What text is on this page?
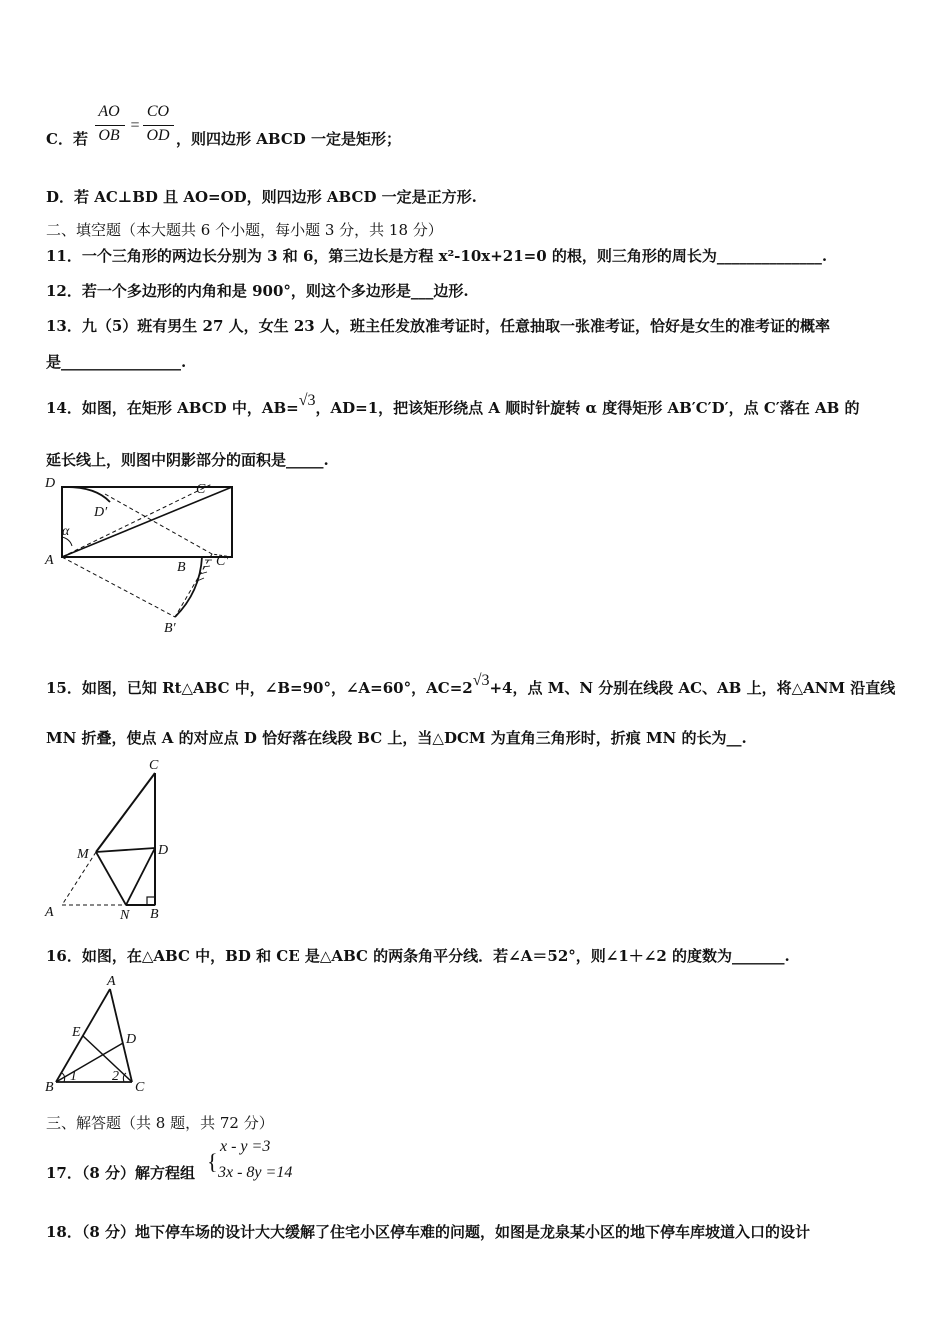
C．若
AO
OB
=
CO
OD ，则四边形 ABCD 一定是矩形；
D．若 AC⊥BD 且 AO=OD，则四边形 ABCD 一定是正方形.
二、填空题（本大题共 6 个小题，每小题 3 分，共 18 分）
11．一个三角形的两边长分别为 3 和 6，第三边长是方程 x²-10x+21=0 的根，则三角形的周长为______________.
12．若一个多边形的内角和是 900°，则这个多边形是___边形.
13．九（5）班有男生 27 人，女生 23 人，班主任发放准考证时，任意抽取一张准考证，恰好是女生的准考证的概率
是________________.
14．如图，在矩形 ABCD 中，AB=√3，AD=1，把该矩形绕点 A 顺时针旋转 α 度得矩形 AB′C′D′，点 C′落在 AB 的
延长线上，则图中阴影部分的面积是_____.
D	C
D′
α
A	B C′
B′
15．如图，已知 Rt△ABC 中，∠B=90°，∠A=60°，AC=2√3+4，点 M、N 分别在线段 AC、AB 上，将△ANM 沿直线
MN 折叠，使点 A 的对应点 D 恰好落在线段 BC 上，当△DCM 为直角三角形时，折痕 MN 的长为__.
C
M	D
A	N B
16．如图，在△ABC 中，BD 和 CE 是△ABC 的两条角平分线．若∠A＝52°，则∠1＋∠2 的度数为_______.
A
E	D
B	C
1	2
三、解答题（共 8 题，共 72 分）
17．（8 分）解方程组 {
x - y =3
3x - 8y =14
18．（8 分）地下停车场的设计大大缓解了住宅小区停车难的问题，如图是龙泉某小区的地下停车库坡道入口的设计
